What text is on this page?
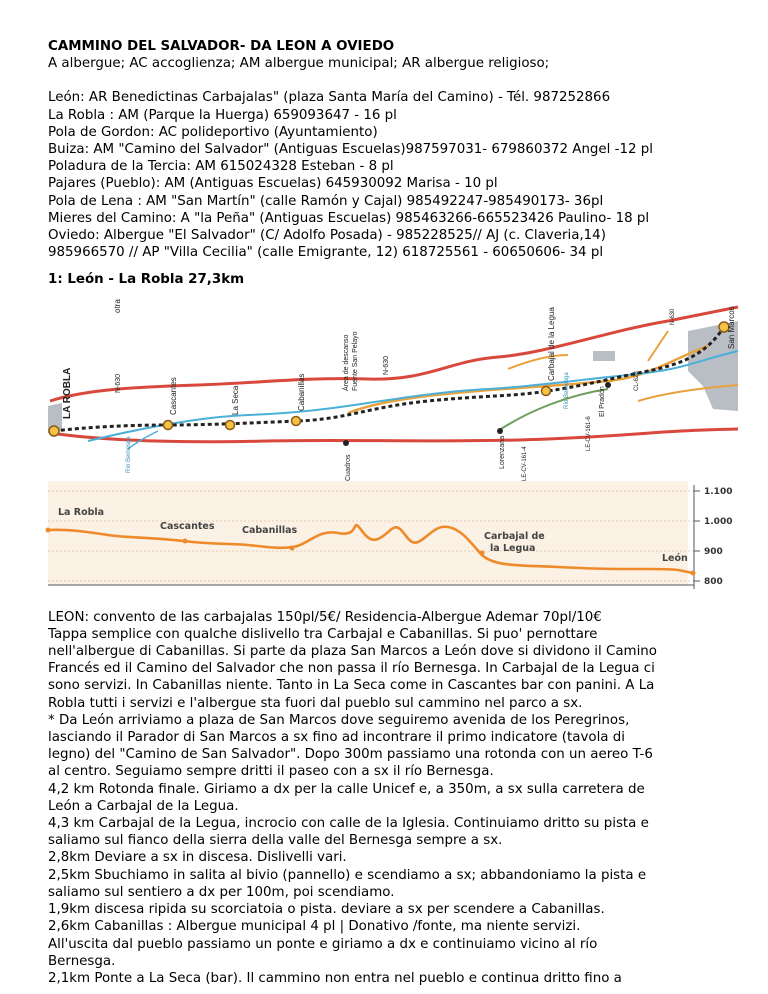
CAMMINO DEL SALVADOR- DA LEON A OVIEDO
A albergue; AC accoglienza; AM albergue municipal; AR albergue religioso;
León: AR Benedictinas Carbajalas" (plaza Santa María del Camino) - Tél. 987252866
La Robla : AM (Parque la Huerga) 659093647 - 16 pl
Pola de Gordon: AC polideportivo (Ayuntamiento)
Buiza: AM "Camino del Salvador" (Antiguas Escuelas)987597031- 679860372 Angel -12 pl
Poladura de la Tercia: AM 615024328 Esteban - 8 pl
Pajares (Pueblo): AM (Antiguas Escuelas) 645930092 Marisa - 10 pl
Pola de Lena : AM "San Martín" (calle Ramón y Cajal) 985492247-985490173- 36pl
Mieres del Camino: A "la Peña" (Antiguas Escuelas) 985463266-665523426 Paulino- 18 pl
Oviedo: Albergue "El Salvador" (C/ Adolfo Posada) - 985228525// AJ (c. Claveria,14)
985966570 // AP "Villa Cecilia" (calle Emigrante, 12) 618725561 - 60650606- 34 pl
1: León - La Robla 27,3km
LA ROBLA	N-630	Cascantes	La Seca	Cabanillas
Área de descanso Fuente San Pelayo	N-630
Cuadros	Lorenzana	LE-CV-161-4
Carbajal de la Legua
Río Bernesga
LE-CV-161-6
El Pradón
CL-623
N-630	San Marcos
Río Bernesga
otra
1.100
1.000
900
800
La Robla
Cascantes	Cabanillas
Carbajal de
la Legua
León
LEON: convento de las carbajalas 150pl/5€/ Residencia-Albergue Ademar 70pl/10€
Tappa semplice con qualche dislivello tra Carbajal e Cabanillas. Si puo' pernottare
nell'albergue di Cabanillas. Si parte da plaza San Marcos a León dove si dividono il Camino
Francés ed il Camino del Salvador che non passa il río Bernesga. In Carbajal de la Legua ci
sono servizi. In Cabanillas niente. Tanto in La Seca come in Cascantes bar con panini. A La
Robla tutti i servizi e l'albergue sta fuori dal pueblo sul cammino nel parco a sx.
* Da León arriviamo a plaza de San Marcos dove seguiremo avenida de los Peregrinos,
lasciando il Parador di San Marcos a sx fino ad incontrare il primo indicatore (tavola di
legno) del "Camino de San Salvador". Dopo 300m passiamo una rotonda con un aereo T-6
al centro. Seguiamo sempre dritti il paseo con a sx il río Bernesga.
4,2 km Rotonda finale. Giriamo a dx per la calle Unicef e, a 350m, a sx sulla carretera de
León a Carbajal de la Legua.
4,3 km Carbajal de la Legua, incrocio con calle de la Iglesia. Continuiamo dritto su pista e
saliamo sul fianco della sierra della valle del Bernesga sempre a sx.
2,8km Deviare a sx in discesa. Dislivelli vari.
2,5km Sbuchiamo in salita al bivio (pannello) e scendiamo a sx; abbandoniamo la pista e
saliamo sul sentiero a dx per 100m, poi scendiamo.
1,9km discesa ripida su scorciatoia o pista. deviare a sx per scendere a Cabanillas.
2,6km Cabanillas : Albergue municipal 4 pl | Donativo /fonte, ma niente servizi.
All'uscita dal pueblo passiamo un ponte e giriamo a dx e continuiamo vicino al río
Bernesga.
2,1km Ponte a La Seca (bar). Il cammino non entra nel pueblo e continua dritto fino a
